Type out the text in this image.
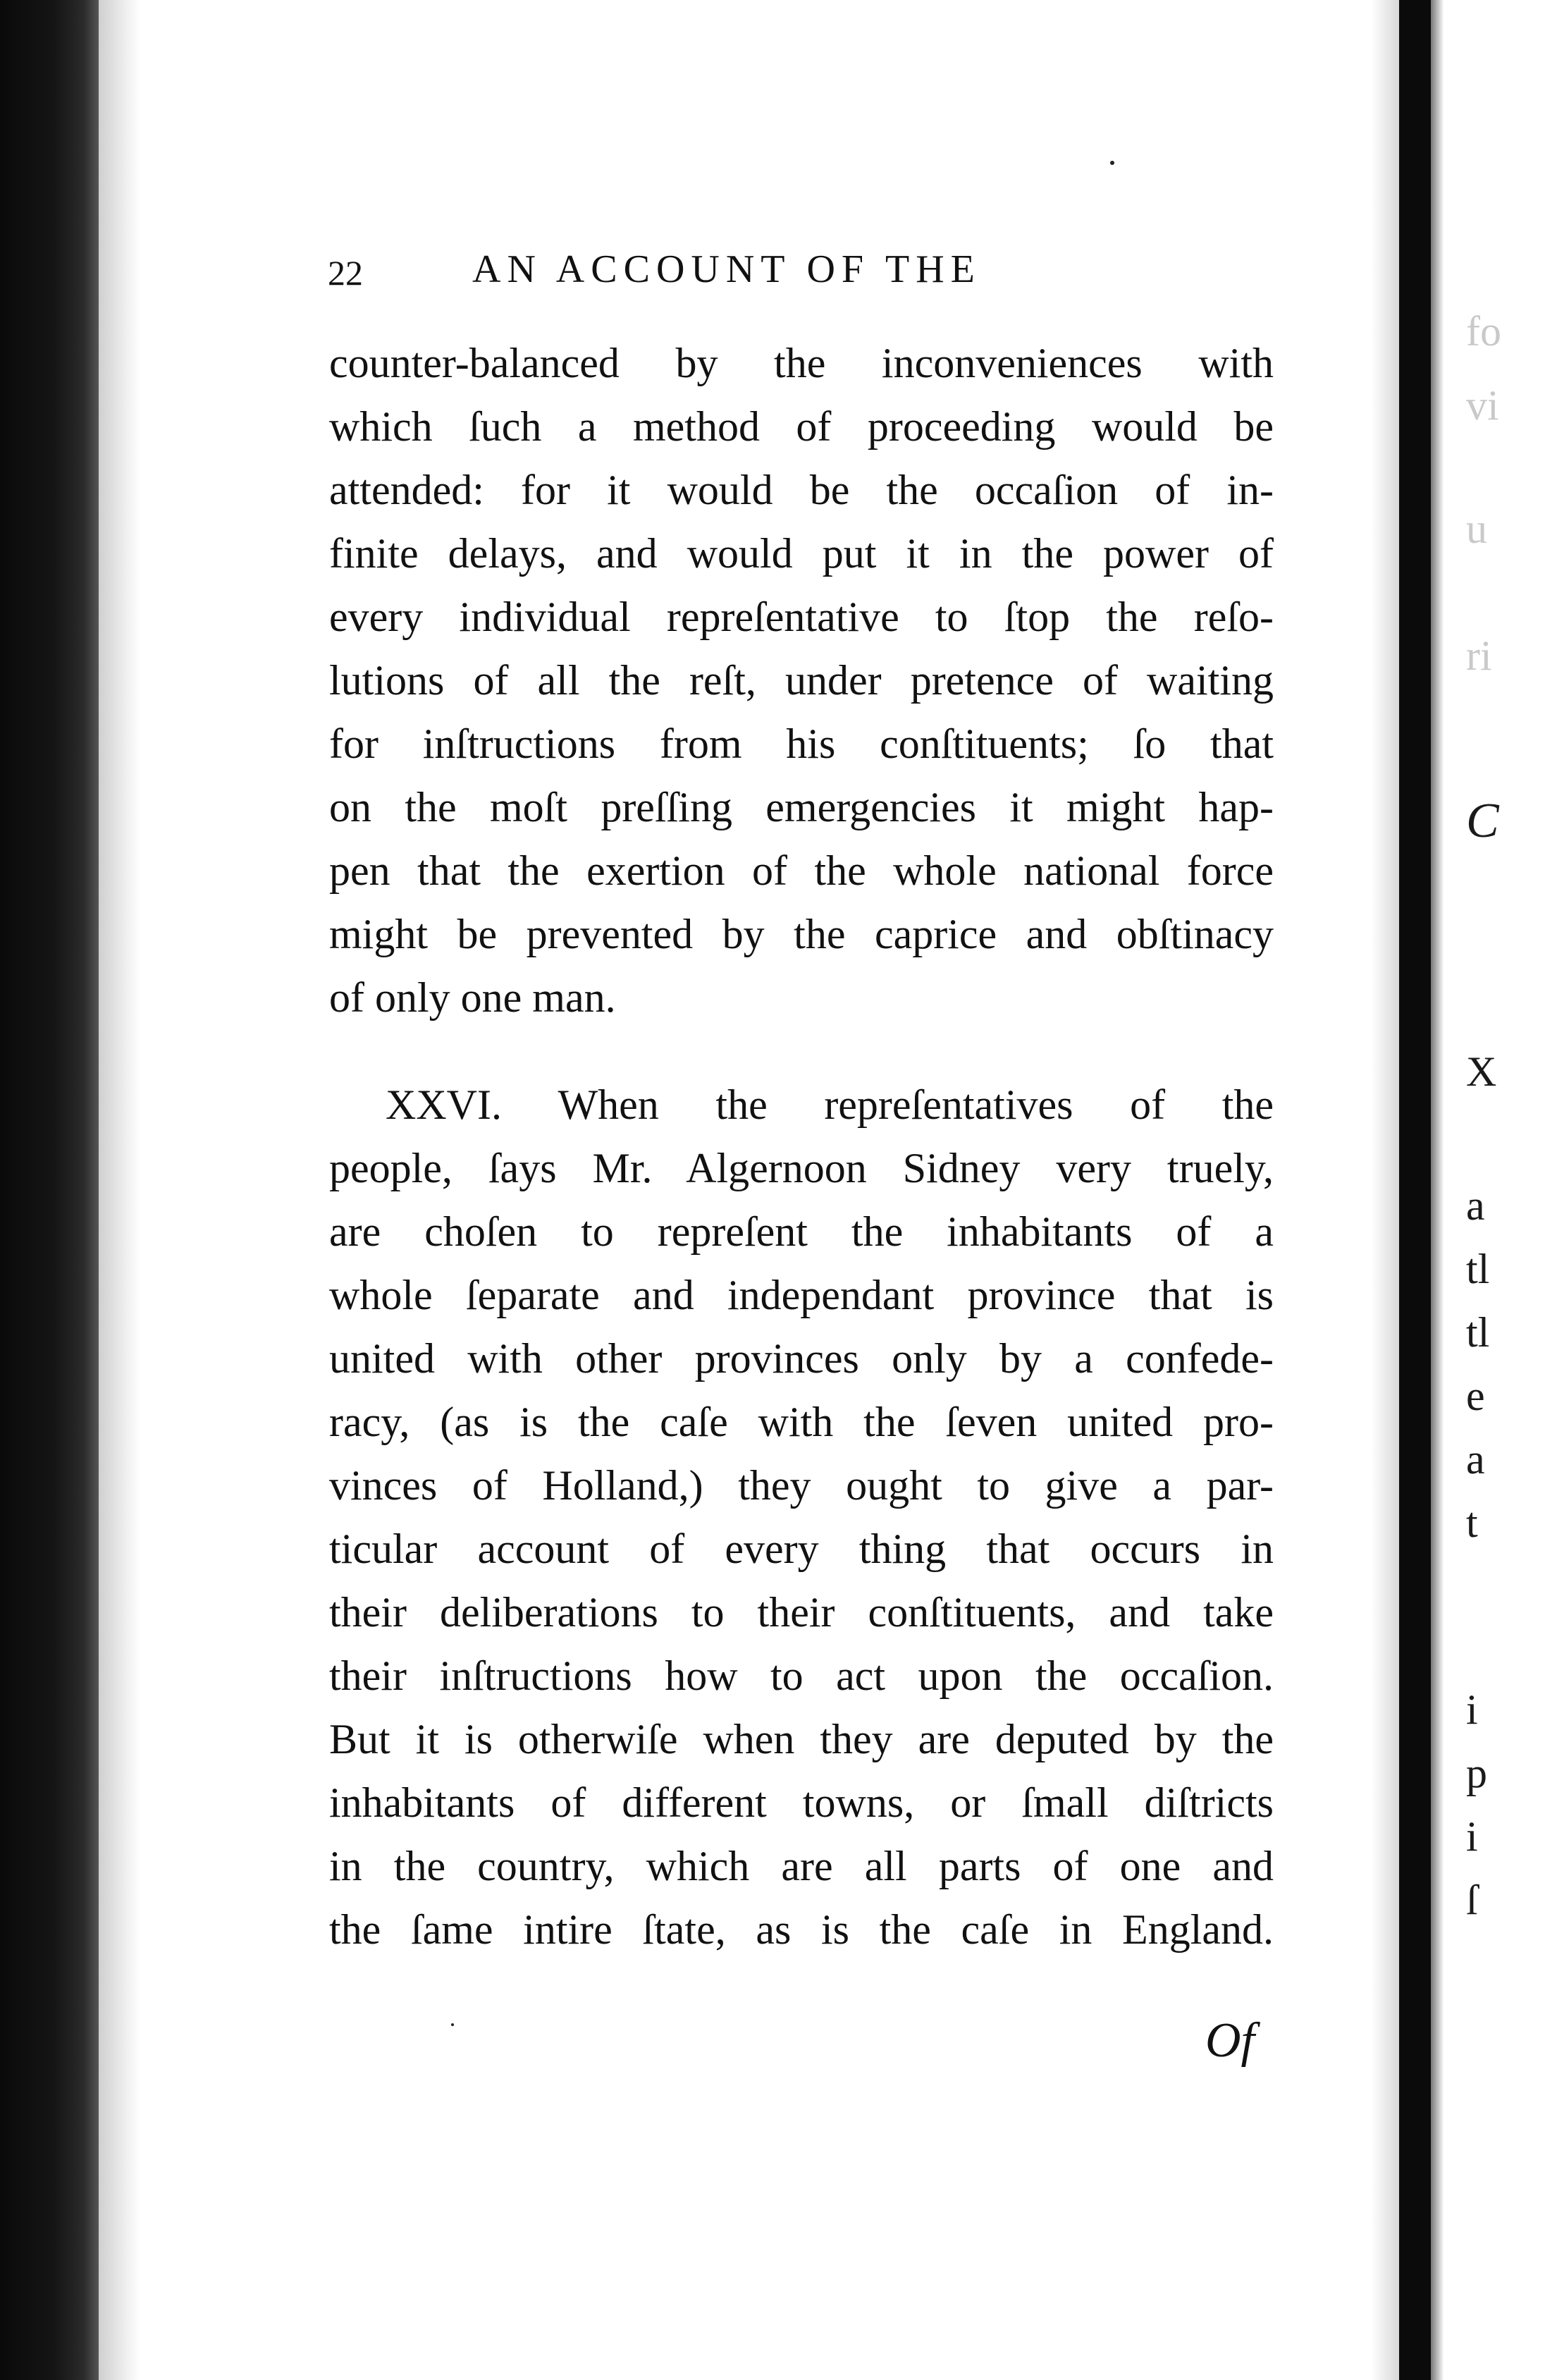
22	AN ACCOUNT OF THE
counter-balanced by the inconveniences with
which ſuch a method of proceeding would be
attended: for it would be the occaſion of in-
finite delays, and would put it in the power of
every individual repreſentative to ſtop the reſo-
lutions of all the reſt, under pretence of waiting
for inſtructions from his conſtituents; ſo that
on the moſt preſſing emergencies it might hap-
pen that the exertion of the whole national force
might be prevented by the caprice and obſtinacy
of only one man.
XXVI. When the repreſentatives of the
people, ſays Mr. Algernoon Sidney very truely,
are choſen to repreſent the inhabitants of a
whole ſeparate and independant province that is
united with other provinces only by a confede-
racy, (as is the caſe with the ſeven united pro-
vinces of Holland,) they ought to give a par-
ticular account of every thing that occurs in
their deliberations to their conſtituents, and take
their inſtructions how to act upon the occaſion.
But it is otherwiſe when they are deputed by the
inhabitants of different towns, or ſmall diſtricts
in the country, which are all parts of one and
the ſame intire ſtate, as is the caſe in England.
Of
fo
vi
u
ri
C
X
a
tl
tl
e
a
t
i
p
i
ſ
